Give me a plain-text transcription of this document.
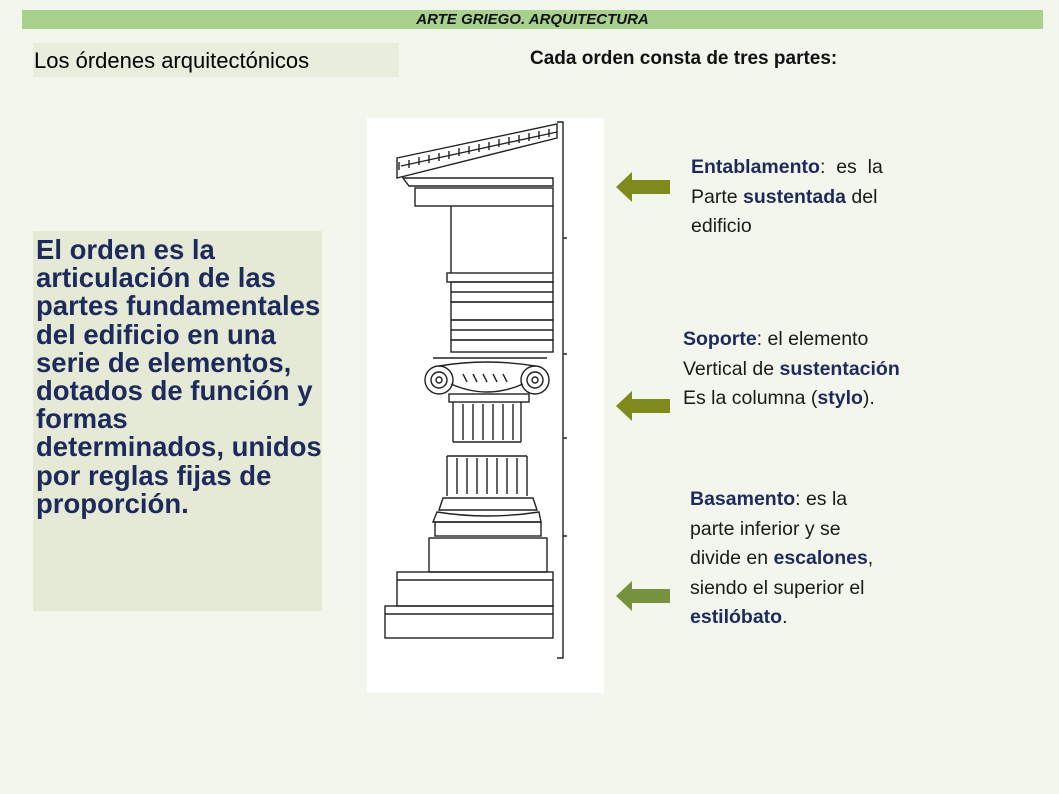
ARTE GRIEGO. ARQUITECTURA
Los órdenes arquitectónicos	Cada orden consta de tres partes:
El orden es la articulación de las partes fundamentales del edificio en una serie de elementos, dotados de función y formas determinados, unidos por reglas fijas de proporción.
Entablamento:  es  la
Parte sustentada del
edificio
Soporte: el elemento
Vertical de sustentación
Es la columna (stylo).
Basamento: es la
parte inferior y se
divide en escalones,
siendo el superior el
estilóbato.
